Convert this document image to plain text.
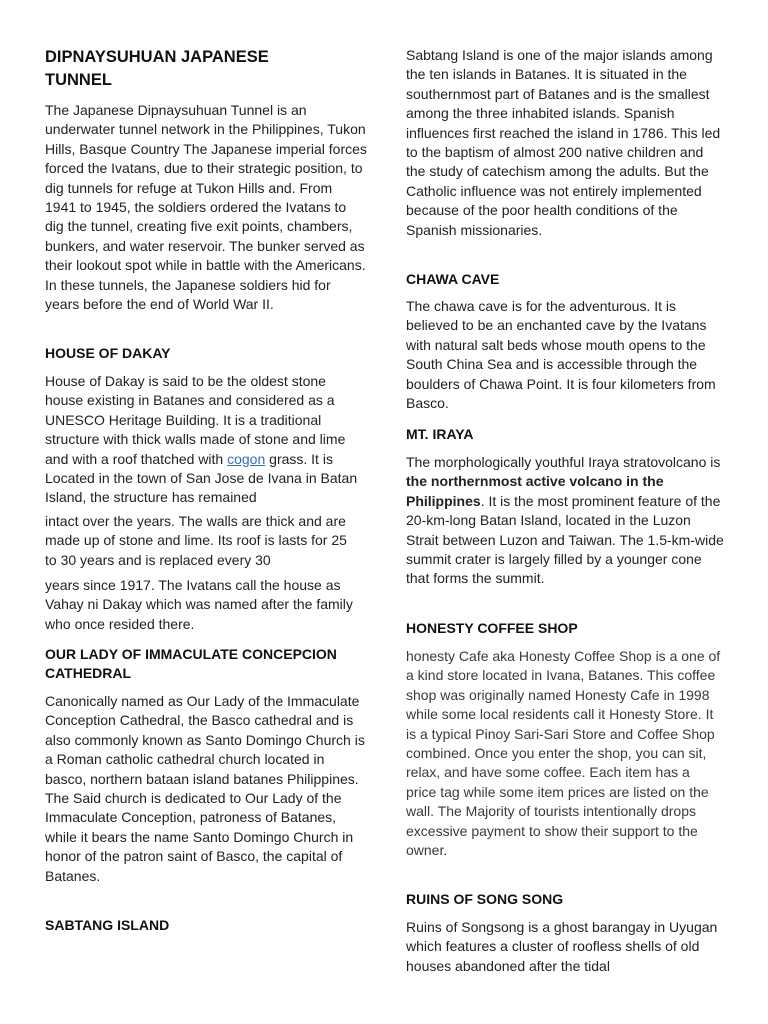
DIPNAYSUHUAN JAPANESE TUNNEL

The Japanese Dipnaysuhuan Tunnel is an underwater tunnel network in the Philippines, Tukon Hills, Basque Country The Japanese imperial forces forced the Ivatans, due to their strategic position, to dig tunnels for refuge at Tukon Hills and. From 1941 to 1945, the soldiers ordered the Ivatans to dig the tunnel, creating five exit points, chambers, bunkers, and water reservoir. The bunker served as their lookout spot while in battle with the Americans. In these tunnels, the Japanese soldiers hid for years before the end of World War II.

HOUSE OF DAKAY

House of Dakay is said to be the oldest stone house existing in Batanes and considered as a UNESCO Heritage Building. It is a traditional structure with thick walls made of stone and lime and with a roof thatched with cogon grass. It is Located in the town of San Jose de Ivana in Batan Island, the structure has remained

intact over the years. The walls are thick and are made up of stone and lime. Its roof is lasts for 25 to 30 years and is replaced every 30

years since 1917. The Ivatans call the house as Vahay ni Dakay which was named after the family who once resided there.

OUR LADY OF IMMACULATE CONCEPCION CATHEDRAL

Canonically named as Our Lady of the Immaculate Conception Cathedral, the Basco cathedral and is also commonly known as Santo Domingo Church is a Roman catholic cathedral church located in basco, northern bataan island batanes Philippines. The Said church is dedicated to Our Lady of the Immaculate Conception, patroness of Batanes, while it bears the name Santo Domingo Church in honor of the patron saint of Basco, the capital of Batanes.

SABTANG ISLAND

Sabtang Island is one of the major islands among the ten islands in Batanes. It is situated in the southernmost part of Batanes and is the smallest among the three inhabited islands. Spanish influences first reached the island in 1786. This led to the baptism of almost 200 native children and the study of catechism among the adults. But the Catholic influence was not entirely implemented because of the poor health conditions of the Spanish missionaries.

CHAWA CAVE

The chawa cave is for the adventurous. It is believed to be an enchanted cave by the Ivatans with natural salt beds whose mouth opens to the South China Sea and is accessible through the boulders of Chawa Point. It is four kilometers from Basco.

MT. IRAYA

The morphologically youthful Iraya stratovolcano is the northernmost active volcano in the Philippines. It is the most prominent feature of the 20-km-long Batan Island, located in the Luzon Strait between Luzon and Taiwan. The 1.5-km-wide summit crater is largely filled by a younger cone that forms the summit.

HONESTY COFFEE SHOP

honesty Cafe aka Honesty Coffee Shop is a one of a kind store located in Ivana, Batanes. This coffee shop was originally named Honesty Cafe in 1998 while some local residents call it Honesty Store. It is a typical Pinoy Sari-Sari Store and Coffee Shop combined. Once you enter the shop, you can sit, relax, and have some coffee. Each item has a price tag while some item prices are listed on the wall. The Majority of tourists intentionally drops excessive payment to show their support to the owner.

RUINS OF SONG SONG

Ruins of Songsong is a ghost barangay in Uyugan which features a cluster of roofless shells of old houses abandoned after the tidal
